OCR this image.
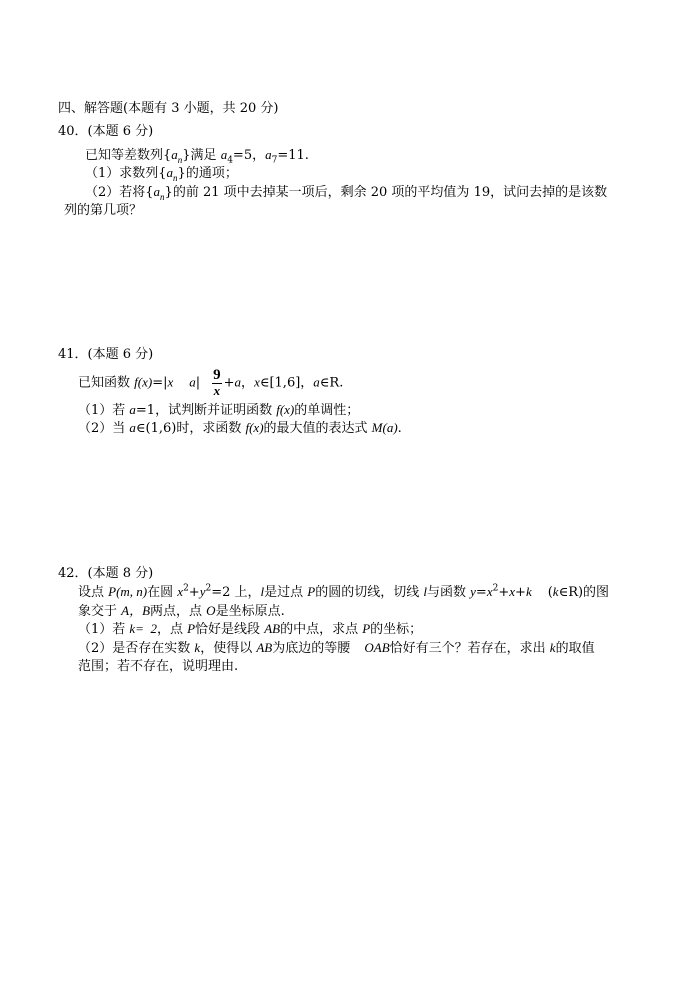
四、解答题(本题有 3 小题，共 20 分)
40．(本题 6 分)
已知等差数列$\{a_n\}$满足 $a_4=5$，$a_7=11$.
（1）求数列$\{a_n\}$的通项；
（2）若将$\{a_n\}$的前 21 项中去掉某一项后，剩余 20 项的平均值为 19，试问去掉的是该数
列的第几项？
41．(本题 6 分)
已知函数 f(x)=|x $a| \frac{9}{x} +a$，x∈[1,6]，a∈R.
（1）若 a=1，试判断并证明函数 f(x)的单调性；
（2）当 a∈(1,6)时，求函数 f(x)的最大值的表达式 M(a).
42．(本题 8 分)
设点 P(m, n)在圆 $x^2+y^2=2$ 上，l是过点 P的圆的切线，切线 l与函数 $y=x^2+x+k$ (k∈R)的图
象交于 A，B两点，点 O是坐标原点.
（1）若 k=  2，点 P恰好是线段 AB的中点，求点 P的坐标；
（2）是否存在实数 k，使得以 AB为底边的等腰 OAB恰好有三个？若存在，求出 k的取值
范围；若不存在，说明理由.
